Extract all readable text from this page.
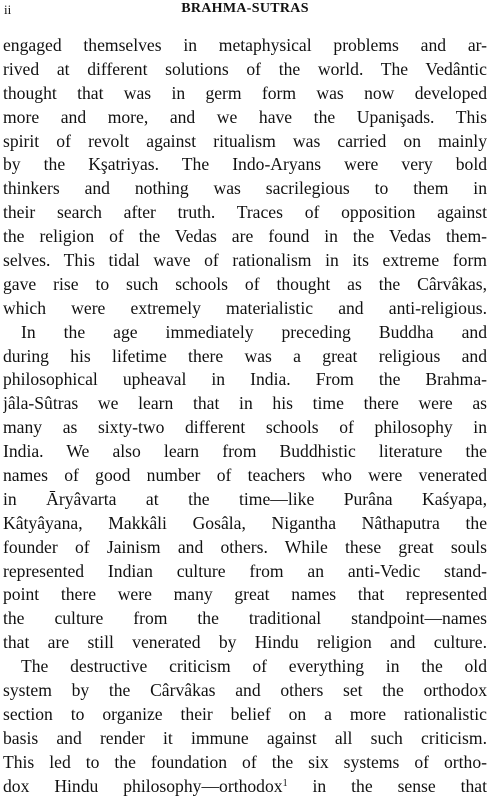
ii	BRAHMA-SUTRAS
engaged themselves in metaphysical problems and ar-
rived at different solutions of the world. The Vedântic
thought that was in germ form was now developed
more and more, and we have the Upanişads. This
spirit of revolt against ritualism was carried on mainly
by the Kşatriyas. The Indo-Aryans were very bold
thinkers and nothing was sacrilegious to them in
their search after truth. Traces of opposition against
the religion of the Vedas are found in the Vedas them-
selves. This tidal wave of rationalism in its extreme form
gave rise to such schools of thought as the Cârvâkas,
which were extremely materialistic and anti-religious.
In the age immediately preceding Buddha and
during his lifetime there was a great religious and
philosophical upheaval in India. From the Brahma-
jâla-Sûtras we learn that in his time there were as
many as sixty-two different schools of philosophy in
India. We also learn from Buddhistic literature the
names of good number of teachers who were venerated
in Āryâvarta at the time—like Purâna Kaśyapa,
Kâtyâyana, Makkâli Gosâla, Nigantha Nâthaputra the
founder of Jainism and others. While these great souls
represented Indian culture from an anti-Vedic stand-
point there were many great names that represented
the culture from the traditional standpoint—names
that are still venerated by Hindu religion and culture.
The destructive criticism of everything in the old
system by the Cârvâkas and others set the orthodox
section to organize their belief on a more rationalistic
basis and render it immune against all such criticism.
This led to the foundation of the six systems of ortho-
dox Hindu philosophy—orthodox$^1$ in the sense that
